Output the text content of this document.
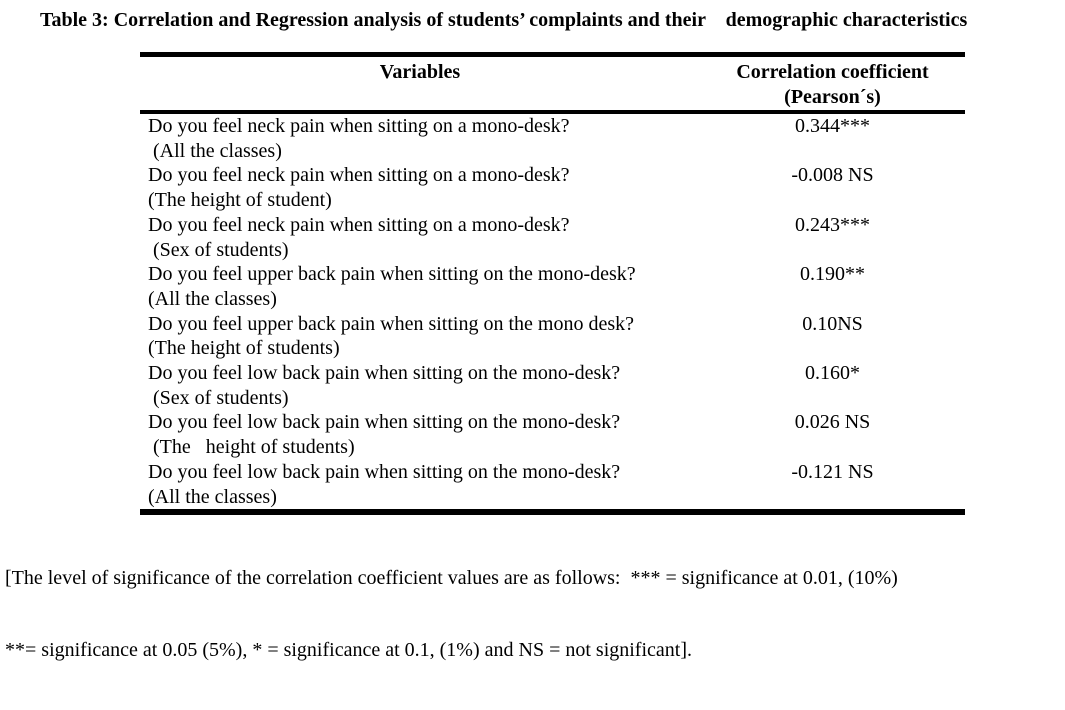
Table 3: Correlation and Regression analysis of students’ complaints and their    demographic characteristics
Variables	Correlation coefficient
(Pearson´s)
Do you feel neck pain when sitting on a mono-desk?
(All the classes)
0.344***
Do you feel neck pain when sitting on a mono-desk?
(The height of student)
-0.008 NS
Do you feel neck pain when sitting on a mono-desk?
(Sex of students)
0.243***
Do you feel upper back pain when sitting on the mono-desk?
(All the classes)
0.190**
Do you feel upper back pain when sitting on the mono desk?
(The height of students)
0.10NS
Do you feel low back pain when sitting on the mono-desk?
(Sex of students)
0.160*
Do you feel low back pain when sitting on the mono-desk?
(The   height of students)
0.026 NS
Do you feel low back pain when sitting on the mono-desk?
(All the classes)
-0.121 NS

[The level of significance of the correlation coefficient values are as follows:  *** = significance at 0.01, (10%)

**= significance at 0.05 (5%), * = significance at 0.1, (1%) and NS = not significant].
